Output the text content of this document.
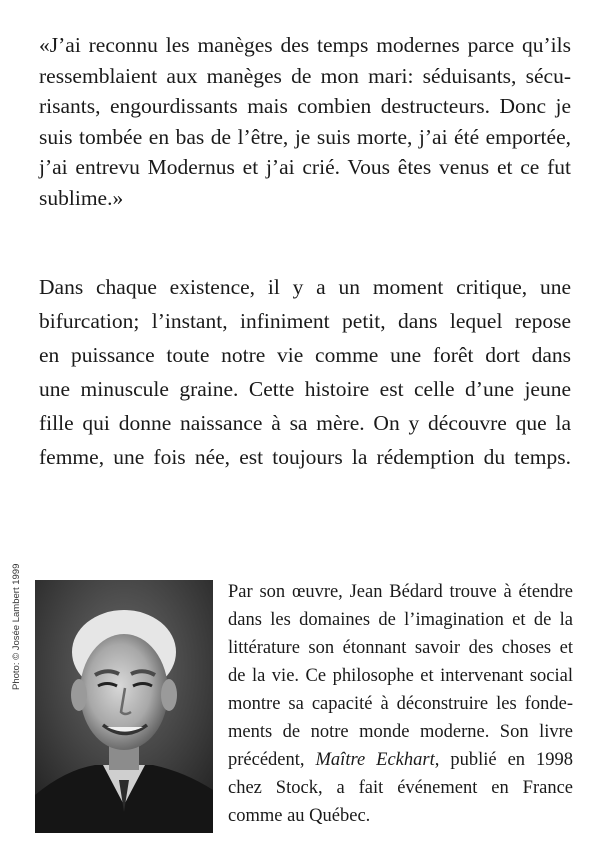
«J’ai reconnu les manèges des temps modernes parce qu’ils
ressemblaient aux manèges de mon mari: séduisants, sécu-
risants, engourdissants mais combien destructeurs. Donc je
suis tombée en bas de l’être, je suis morte, j’ai été emportée,
j’ai entrevu Modernus et j’ai crié. Vous êtes venus et ce fut
sublime.»
Dans chaque existence, il y a un moment critique, une
bifurcation; l’instant, infiniment petit, dans lequel repose
en puissance toute notre vie comme une forêt dort dans
une minuscule graine. Cette histoire est celle d’une jeune
fille qui donne naissance à sa mère. On y découvre que la
femme, une fois née, est toujours la rédemption du temps.
Photo: © Josée Lambert 1999	Par son œuvre, Jean Bédard trouve à étendre
dans les domaines de l’imagination et de la
littérature son étonnant savoir des choses et
de la vie. Ce philosophe et intervenant social
montre sa capacité à déconstruire les fonde-
ments de notre monde moderne. Son livre
précédent, Maître Eckhart, publié en 1998
chez Stock, a fait événement en France
comme au Québec.
